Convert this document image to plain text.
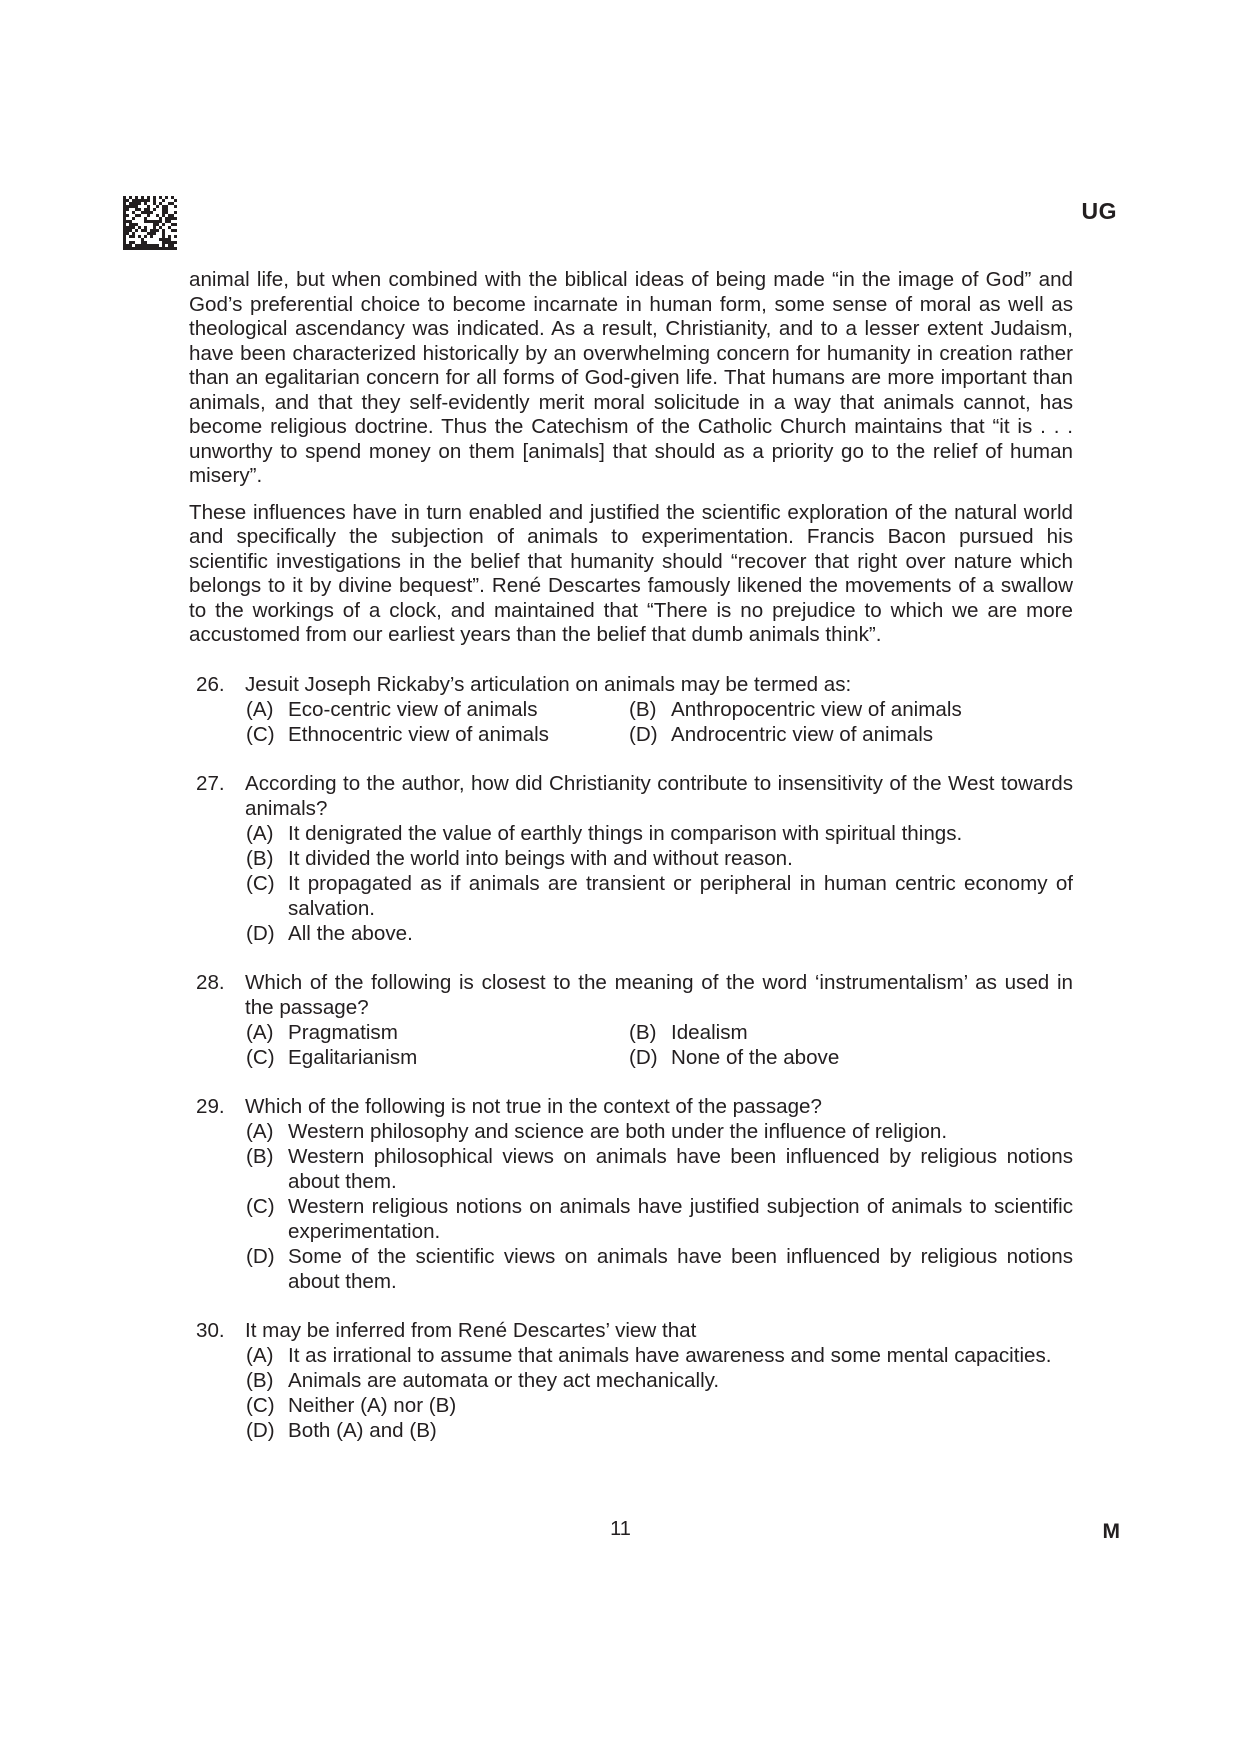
UG

animal life, but when combined with the biblical ideas of being made “in the image of God” and God’s preferential choice to become incarnate in human form, some sense of moral as well as theological ascendancy was indicated. As a result, Christianity, and to a lesser extent Judaism, have been characterized historically by an overwhelming concern for humanity in creation rather than an egalitarian concern for all forms of God-given life. That humans are more important than animals, and that they self-evidently merit moral solicitude in a way that animals cannot, has become religious doctrine. Thus the Catechism of the Catholic Church maintains that “it is . . . unworthy to spend money on them [animals] that should as a priority go to the relief of human misery”.

These influences have in turn enabled and justified the scientific exploration of the natural world and specifically the subjection of animals to experimentation. Francis Bacon pursued his scientific investigations in the belief that humanity should “recover that right over nature which belongs to it by divine bequest”. René Descartes famously likened the movements of a swallow to the workings of a clock, and maintained that “There is no prejudice to which we are more accustomed from our earliest years than the belief that dumb animals think”.

26. Jesuit Joseph Rickaby’s articulation on animals may be termed as:
(A) Eco-centric view of animals	(B) Anthropocentric view of animals
(C) Ethnocentric view of animals	(D) Androcentric view of animals
27. According to the author, how did Christianity contribute to insensitivity of the West towards animals?
(A) It denigrated the value of earthly things in comparison with spiritual things.
(B) It divided the world into beings with and without reason.
(C) It propagated as if animals are transient or peripheral in human centric economy of salvation.
(D) All the above.
28. Which of the following is closest to the meaning of the word ‘instrumentalism’ as used in the passage?
(A) Pragmatism	(B) Idealism
(C) Egalitarianism	(D) None of the above
29. Which of the following is not true in the context of the passage?
(A) Western philosophy and science are both under the influence of religion.
(B) Western philosophical views on animals have been influenced by religious notions about them.
(C) Western religious notions on animals have justified subjection of animals to scientific experimentation.
(D) Some of the scientific views on animals have been influenced by religious notions about them.
30. It may be inferred from René Descartes’ view that
(A) It as irrational to assume that animals have awareness and some mental capacities.
(B) Animals are automata or they act mechanically.
(C) Neither (A) nor (B)
(D) Both (A) and (B)
11	M
